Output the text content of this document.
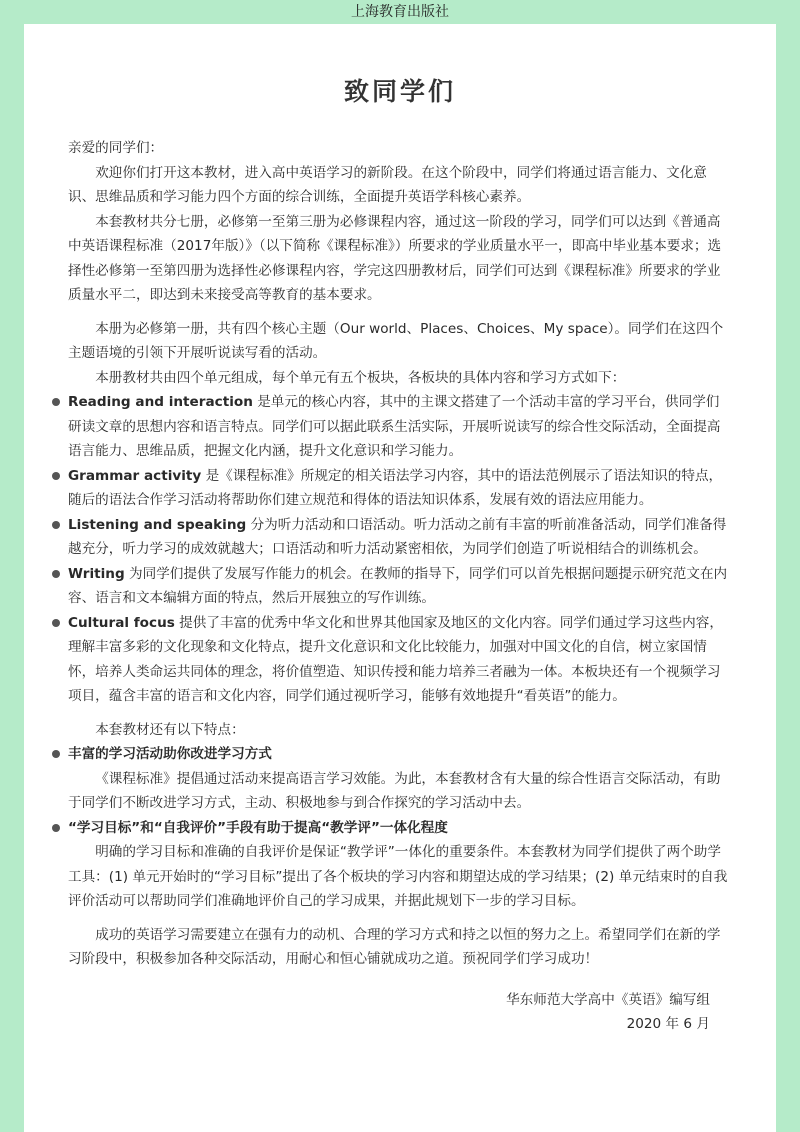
上海教育出版社
致同学们

亲爱的同学们：

欢迎你们打开这本教材，进入高中英语学习的新阶段。在这个阶段中，同学们将通过语言能力、文化意识、思维品质和学习能力四个方面的综合训练，全面提升英语学科核心素养。

本套教材共分七册，必修第一至第三册为必修课程内容，通过这一阶段的学习，同学们可以达到《普通高中英语课程标准（2017年版）》（以下简称《课程标准》）所要求的学业质量水平一，即高中毕业基本要求；选择性必修第一至第四册为选择性必修课程内容，学完这四册教材后，同学们可达到《课程标准》所要求的学业质量水平二，即达到未来接受高等教育的基本要求。

本册为必修第一册，共有四个核心主题（Our world、Places、Choices、My space）。同学们在这四个主题语境的引领下开展听说读写看的活动。

本册教材共由四个单元组成，每个单元有五个板块，各板块的具体内容和学习方式如下：

Reading and interaction 是单元的核心内容，其中的主课文搭建了一个活动丰富的学习平台，供同学们研读文章的思想内容和语言特点。同学们可以据此联系生活实际，开展听说读写的综合性交际活动，全面提高语言能力、思维品质，把握文化内涵，提升文化意识和学习能力。

Grammar activity 是《课程标准》所规定的相关语法学习内容，其中的语法范例展示了语法知识的特点，随后的语法合作学习活动将帮助你们建立规范和得体的语法知识体系，发展有效的语法应用能力。

Listening and speaking 分为听力活动和口语活动。听力活动之前有丰富的听前准备活动，同学们准备得越充分，听力学习的成效就越大；口语活动和听力活动紧密相依，为同学们创造了听说相结合的训练机会。

Writing 为同学们提供了发展写作能力的机会。在教师的指导下，同学们可以首先根据问题提示研究范文在内容、语言和文本编辑方面的特点，然后开展独立的写作训练。

Cultural focus 提供了丰富的优秀中华文化和世界其他国家及地区的文化内容。同学们通过学习这些内容，理解丰富多彩的文化现象和文化特点，提升文化意识和文化比较能力，加强对中国文化的自信，树立家国情怀，培养人类命运共同体的理念，将价值塑造、知识传授和能力培养三者融为一体。本板块还有一个视频学习项目，蕴含丰富的语言和文化内容，同学们通过视听学习，能够有效地提升“看英语”的能力。

本套教材还有以下特点：

丰富的学习活动助你改进学习方式

《课程标准》提倡通过活动来提高语言学习效能。为此，本套教材含有大量的综合性语言交际活动，有助于同学们不断改进学习方式，主动、积极地参与到合作探究的学习活动中去。

“学习目标”和“自我评价”手段有助于提高“教学评”一体化程度

明确的学习目标和准确的自我评价是保证“教学评”一体化的重要条件。本套教材为同学们提供了两个助学工具：(1) 单元开始时的“学习目标”提出了各个板块的学习内容和期望达成的学习结果；(2) 单元结束时的自我评价活动可以帮助同学们准确地评价自己的学习成果，并据此规划下一步的学习目标。

成功的英语学习需要建立在强有力的动机、合理的学习方式和持之以恒的努力之上。希望同学们在新的学习阶段中，积极参加各种交际活动，用耐心和恒心铺就成功之道。预祝同学们学习成功！

华东师范大学高中《英语》编写组

2020 年 6 月
